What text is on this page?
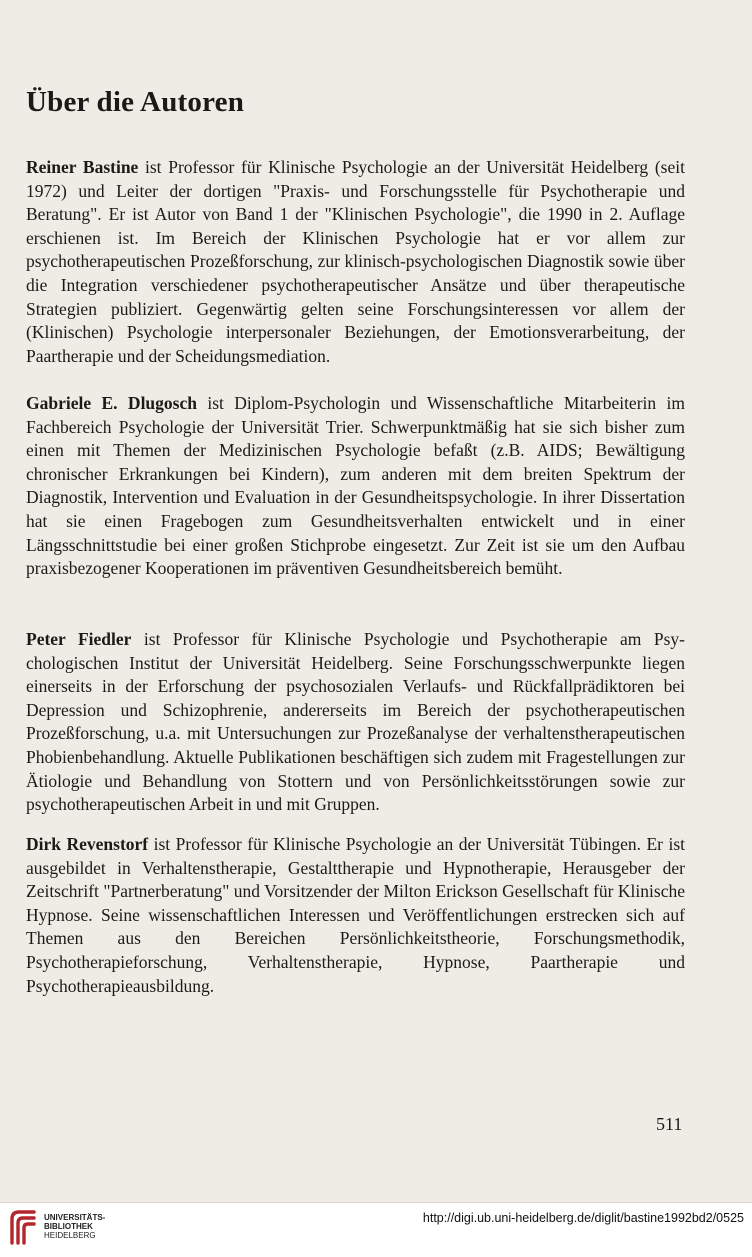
Über die Autoren

Reiner Bastine ist Professor für Klinische Psychologie an der Universität Heidelberg (seit 1972) und Leiter der dortigen "Praxis- und Forschungsstelle für Psychotherapie und Beratung". Er ist Autor von Band 1 der "Klinischen Psychologie", die 1990 in 2. Auflage erschienen ist. Im Bereich der Klinischen Psychologie hat er vor allem zur psychotherapeutischen Prozeßforschung, zur klinisch-psychologischen Diagnostik sowie über die Integration verschiedener psychotherapeutischer Ansätze und über therapeutische Strategien publiziert. Gegenwärtig gelten seine Forschungsinteressen vor allem der (Klinischen) Psychologie interpersonaler Beziehungen, der Emotionsverarbeitung, der Paartherapie und der Scheidungsmediation.

Gabriele E. Dlugosch ist Diplom-Psychologin und Wissenschaftliche Mitarbeiterin im Fachbereich Psychologie der Universität Trier. Schwerpunktmäßig hat sie sich bisher zum einen mit Themen der Medizinischen Psychologie befaßt (z.B. AIDS; Bewältigung chronischer Erkrankungen bei Kindern), zum anderen mit dem breiten Spektrum der Diagnostik, Intervention und Evaluation in der Gesundheitspsychologie. In ihrer Dissertation hat sie einen Fragebogen zum Gesundheitsverhalten entwickelt und in einer Längsschnittstudie bei einer großen Stichprobe eingesetzt. Zur Zeit ist sie um den Aufbau praxisbezogener Kooperationen im präventiven Gesundheitsbereich bemüht.

Peter Fiedler ist Professor für Klinische Psychologie und Psychotherapie am Psychologischen Institut der Universität Heidelberg. Seine Forschungsschwerpunkte liegen einerseits in der Erforschung der psychosozialen Verlaufs- und Rückfallprädiktoren bei Depression und Schizophrenie, andererseits im Bereich der psychotherapeutischen Prozeßforschung, u.a. mit Untersuchungen zur Prozeßanalyse der verhaltenstherapeutischen Phobienbehandlung. Aktuelle Publikationen beschäftigen sich zudem mit Fragestellungen zur Ätiologie und Behandlung von Stottern und von Persönlichkeitsstörungen sowie zur psychotherapeutischen Arbeit in und mit Gruppen.

Dirk Revenstorf ist Professor für Klinische Psychologie an der Universität Tübingen. Er ist ausgebildet in Verhaltenstherapie, Gestalttherapie und Hypnotherapie, Herausgeber der Zeitschrift "Partnerberatung" und Vorsitzender der Milton Erickson Gesellschaft für Klinische Hypnose. Seine wissenschaftlichen Interessen und Veröffentlichungen erstrecken sich auf Themen aus den Bereichen Persönlichkeitstheorie, Forschungsmethodik, Psychotherapieforschung, Verhaltenstherapie, Hypnose, Paartherapie und Psychotherapieausbildung.

511

UNIVERSITÄTS-
BIBLIOTHEK
HEIDELBERG
http://digi.ub.uni-heidelberg.de/diglit/bastine1992bd2/0525
